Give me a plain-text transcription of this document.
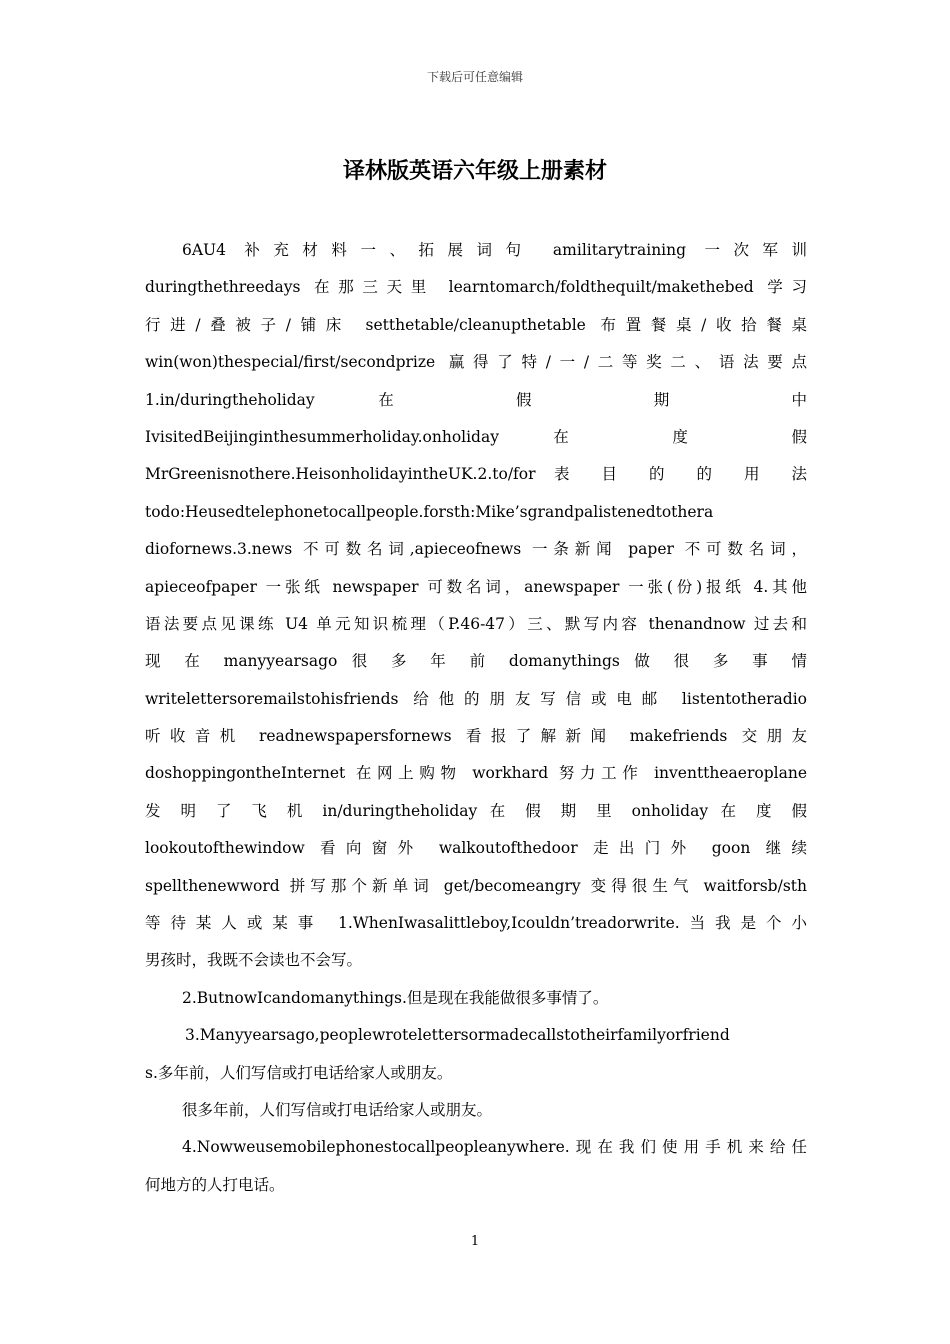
下载后可任意编辑
译林版英语六年级上册素材
6AU4 补充材料一、拓展词句 amilitarytraining 一次军训
duringthethreedays 在那三天里 learntomarch/foldthequilt/makethebed 学习
行进/叠被子/铺床 setthetable/cleanupthetable 布置餐桌/收拾餐桌
win(won)thespecial/first/secondprize 赢得了特/一/二等奖二、语法要点
1.in/duringtheholiday 在 假 期 中
IvisitedBeijinginthesummerholiday.onholiday 在 度 假
MrGreenisnothere.HeisonholidayintheUK.2.to/for 表 目 的 的 用 法
todo:Heusedtelephonetocallpeople.forsth:Mike’sgrandpalistenedtothera
diofornews.3.news 不可数名词,apieceofnews 一条新闻 paper 不可数名词，
apieceofpaper 一张纸 newspaper 可数名词，anewspaper 一张(份)报纸 4.其他
语法要点见课练 U4 单元知识梳理（P.46-47）三、默写内容 thenandnow 过去和
现 在 manyyearsago 很 多 年 前 domanythings 做 很 多 事 情
writelettersoremailstohisfriends 给他的朋友写信或电邮 listentotheradio
听收音机 readnewspapersfornews 看报了解新闻 makefriends 交朋友
doshoppingontheInternet 在网上购物 workhard 努力工作 inventtheaeroplane
发 明 了 飞 机 in/duringtheholiday 在 假 期 里 onholiday 在 度 假
lookoutofthewindow 看向窗外 walkoutofthedoor 走出门外 goon 继续
spellthenewword 拼写那个新单词 get/becomeangry 变得很生气 waitforsb/sth
等待某人或某事 1.WhenIwasalittleboy,Icouldn’treadorwrite.当我是个小
男孩时，我既不会读也不会写。
2.ButnowIcandomanythings.但是现在我能做很多事情了。
3.Manyyearsago,peoplewrotelettersormadecallstotheirfamilyorfriend
s.多年前，人们写信或打电话给家人或朋友。
很多年前，人们写信或打电话给家人或朋友。
4.Nowweusemobilephonestocallpeopleanywhere.现在我们使用手机来给任
何地方的人打电话。
1
